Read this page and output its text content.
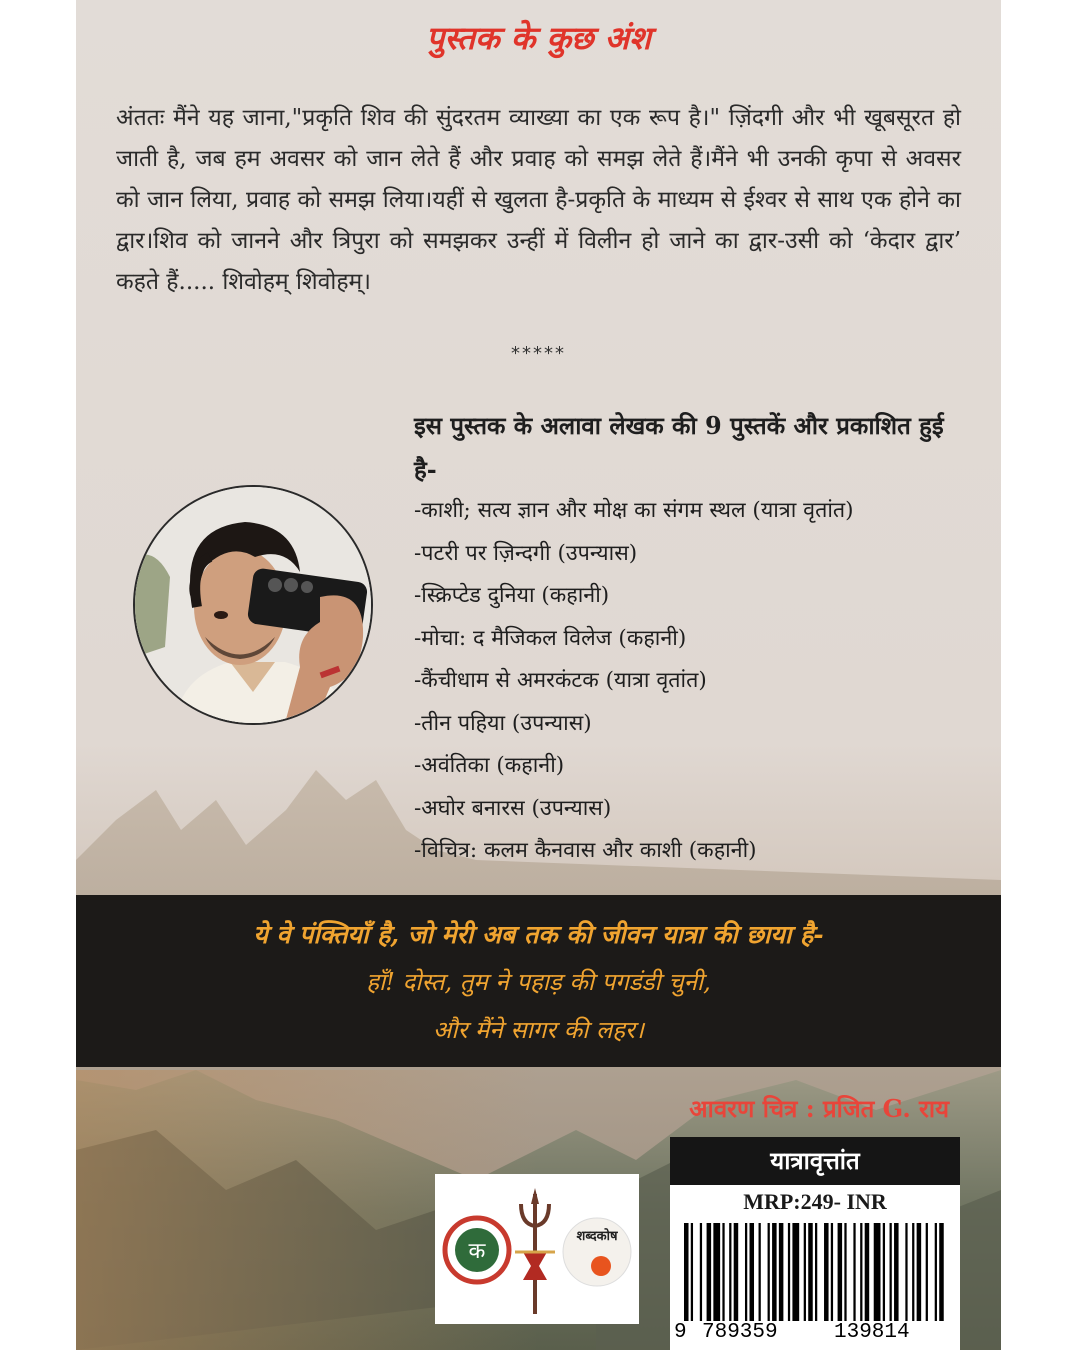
पुस्तक के कुछ अंश

अंततः मैंने यह जाना,"प्रकृति शिव की सुंदरतम व्याख्या का एक रूप है।" ज़िंदगी और भी खूबसूरत हो जाती है, जब हम अवसर को जान लेते हैं और प्रवाह को समझ लेते हैं।मैंने भी उनकी कृपा से अवसर को जान लिया, प्रवाह को समझ लिया।यहीं से खुलता है-प्रकृति के माध्यम से ईश्वर से साथ एक होने का द्वार।शिव को जानने और त्रिपुरा को समझकर उन्हीं में विलीन हो जाने का द्वार-उसी को ‘केदार द्वार’ कहते हैं..... शिवोहम् शिवोहम्।

*****
इस पुस्तक के अलावा लेखक की 9 पुस्तकें और प्रकाशित हुई है-
-काशी; सत्य ज्ञान और मोक्ष का संगम स्थल (यात्रा वृतांत)
-पटरी पर ज़िन्दगी (उपन्यास)
-स्क्रिप्टेड दुनिया (कहानी)
-मोचा: द मैजिकल विलेज (कहानी)
-कैंचीधाम से अमरकंटक (यात्रा वृतांत)
-तीन पहिया (उपन्यास)
-अवंतिका (कहानी)
-अघोर बनारस (उपन्यास)
-विचित्र: कलम कैनवास और काशी (कहानी)
ये वे पंक्तियाँ है, जो मेरी अब तक की जीवन यात्रा की छाया है-
हाँ! दोस्त, तुम ने पहाड़ की पगडंडी चुनी,
और मैंने सागर की लहर।
आवरण चित्र : प्रजित G. राय
क
शब्दकोष
यात्रावृत्तांत
MRP:249- INR
9 789359	139814
